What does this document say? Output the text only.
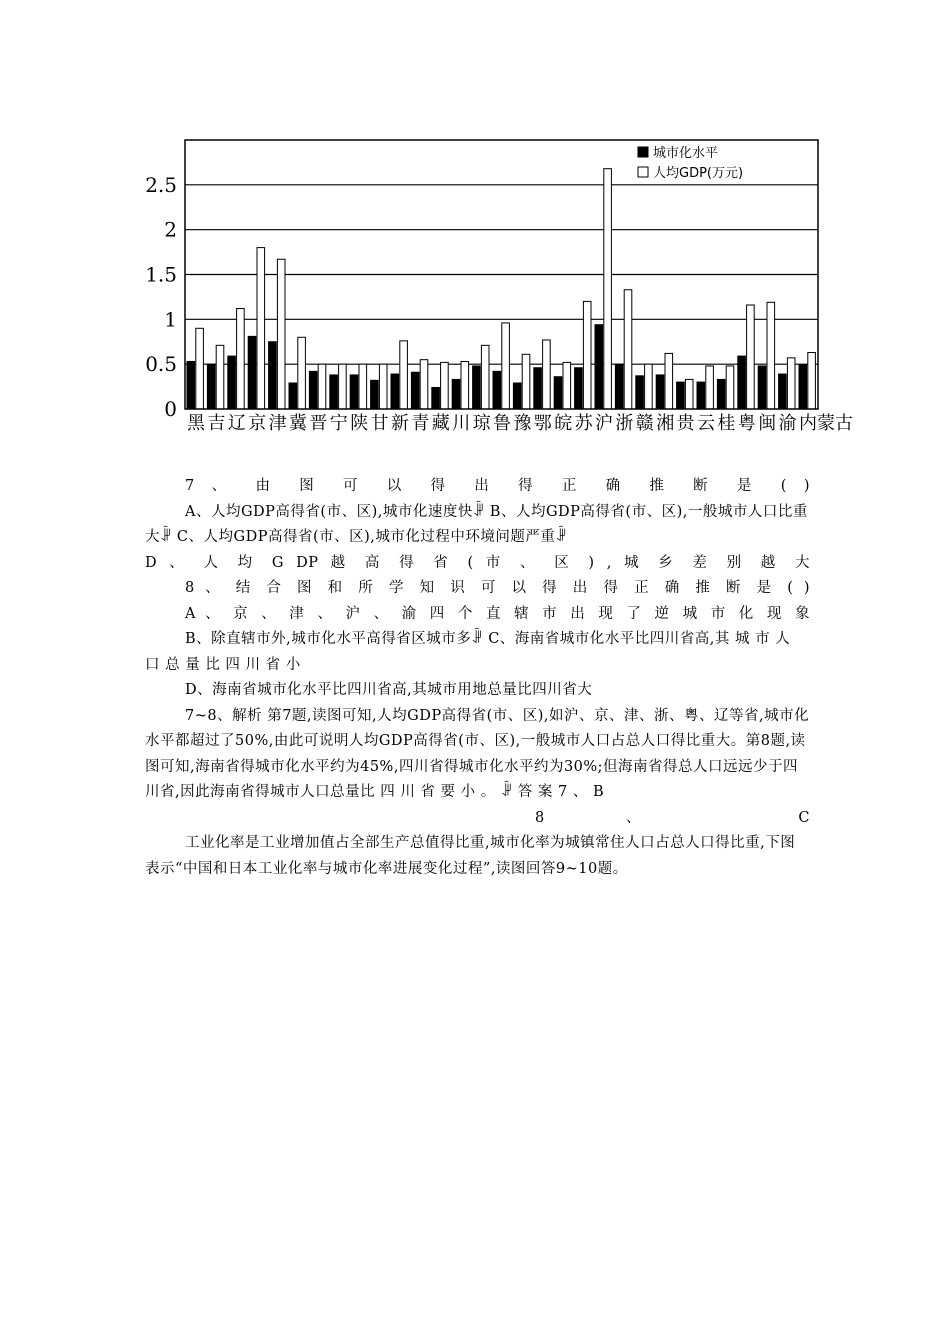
0
0.5
1
1.5
2
2.5
黑 吉 辽 京 津 冀 晋 宁 陕 甘 新 青 藏 川 琼 鲁 豫 鄂 皖 苏 沪 浙 赣 湘 贵 云 桂 粤 闽 渝 内蒙古
城市化水平
人均GDP(万元)

7 、 由 图 可 以 得 出 得 正 确 推 断 是 ( )

A、人均GDP高得省(市、区),城市化速度快ꎻ B、人均GDP高得省(市、区),一般城市人口比重大ꎻ C、人均GDP高得省(市、区),城市化过程中环境问题严重ꎻ

D 、 人 均 G DP 越 高 得 省 ( 市 、 区 ) , 城 乡 差 别 越 大

8 、 结 合 图 和 所 学 知 识 可 以 得 出 得 正 确 推 断 是 ( )

A 、 京 、 津 、 沪 、 渝 四 个 直 辖 市 出 现 了 逆 城 市 化 现 象

B、除直辖市外,城市化水平高得省区城市多ꎻ C、海南省城市化水平比四川省高,其 城 市 人 口 总 量 比 四 川 省 小

D、海南省城市化水平比四川省高,其城市用地总量比四川省大

7~8、解析 第7题,读图可知,人均GDP高得省(市、区),如沪、京、津、浙、粤、辽等省,城市化水平都超过了50%,由此可说明人均GDP高得省(市、区),一般城市人口占总人口得比重大。第8题,读图可知,海南省得城市化水平约为45%,四川省得城市化水平约为30%;但海南省得总人口远远少于四川省,因此海南省得城市人口总量比 四 川 省 要 小 。 ꎻ 答 案 7 、 B

8 、 C

工业化率是工业增加值占全部生产总值得比重,城市化率为城镇常住人口占总人口得比重,下图表示“中国和日本工业化率与城市化率进展变化过程”,读图回答9~10题。
